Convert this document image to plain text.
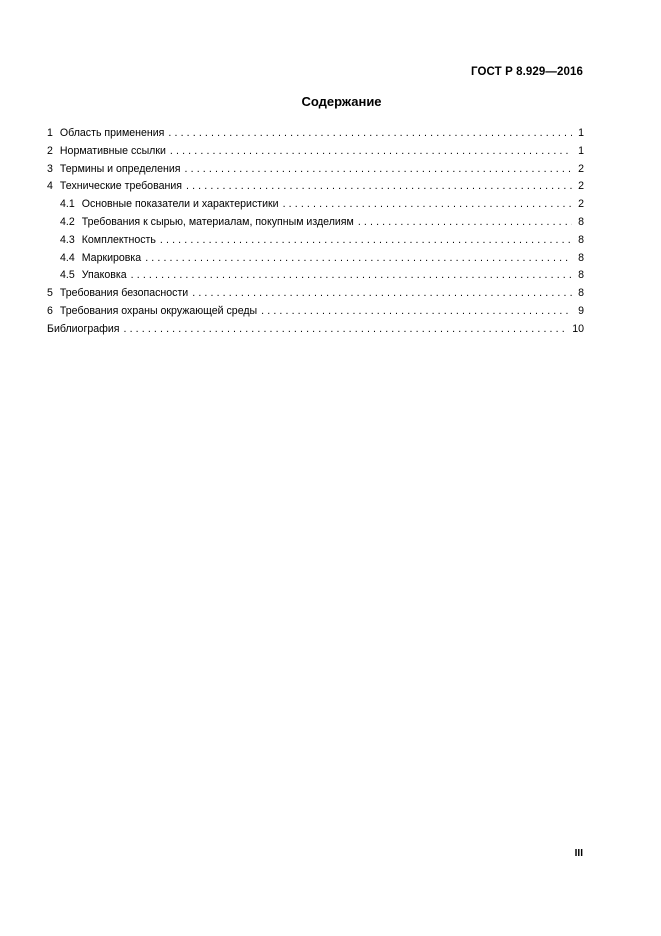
ГОСТ Р 8.929—2016
Содержание
1 Область применения . . .	1
2 Нормативные ссылки . . .	1
3 Термины и определения . . .	2
4 Технические требования . . .	2
4.1 Основные показатели и характеристики . . .	2
4.2 Требования к сырью, материалам, покупным изделиям . . .	8
4.3 Комплектность . . .	8
4.4 Маркировка . . .	8
4.5 Упаковка . . .	8
5 Требования безопасности . . .	8
6 Требования охраны окружающей среды . . .	9
Библиография . . .	10
III
